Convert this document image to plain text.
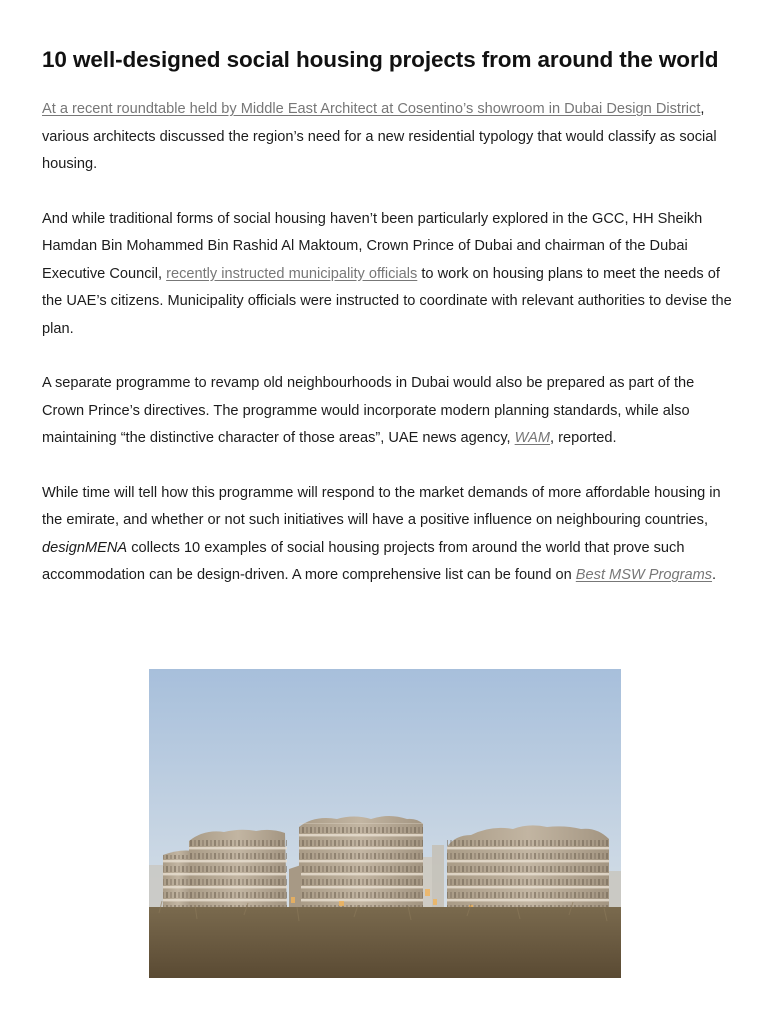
10 well-designed social housing projects from around the world

At a recent roundtable held by Middle East Architect at Cosentino’s showroom in Dubai Design District, various architects discussed the region’s need for a new residential typology that would classify as social housing.

And while traditional forms of social housing haven’t been particularly explored in the GCC, HH Sheikh Hamdan Bin Mohammed Bin Rashid Al Maktoum, Crown Prince of Dubai and chairman of the Dubai Executive Council, recently instructed municipality officials to work on housing plans to meet the needs of the UAE’s citizens. Municipality officials were instructed to coordinate with relevant authorities to devise the plan.

A separate programme to revamp old neighbourhoods in Dubai would also be prepared as part of the Crown Prince’s directives. The programme would incorporate modern planning standards, while also maintaining “the distinctive character of those areas”, UAE news agency, WAM, reported.

While time will tell how this programme will respond to the market demands of more affordable housing in the emirate, and whether or not such initiatives will have a positive influence on neighbouring countries, designMENA collects 10 examples of social housing projects from around the world that prove such accommodation can be design-driven. A more comprehensive list can be found on Best MSW Programs.
